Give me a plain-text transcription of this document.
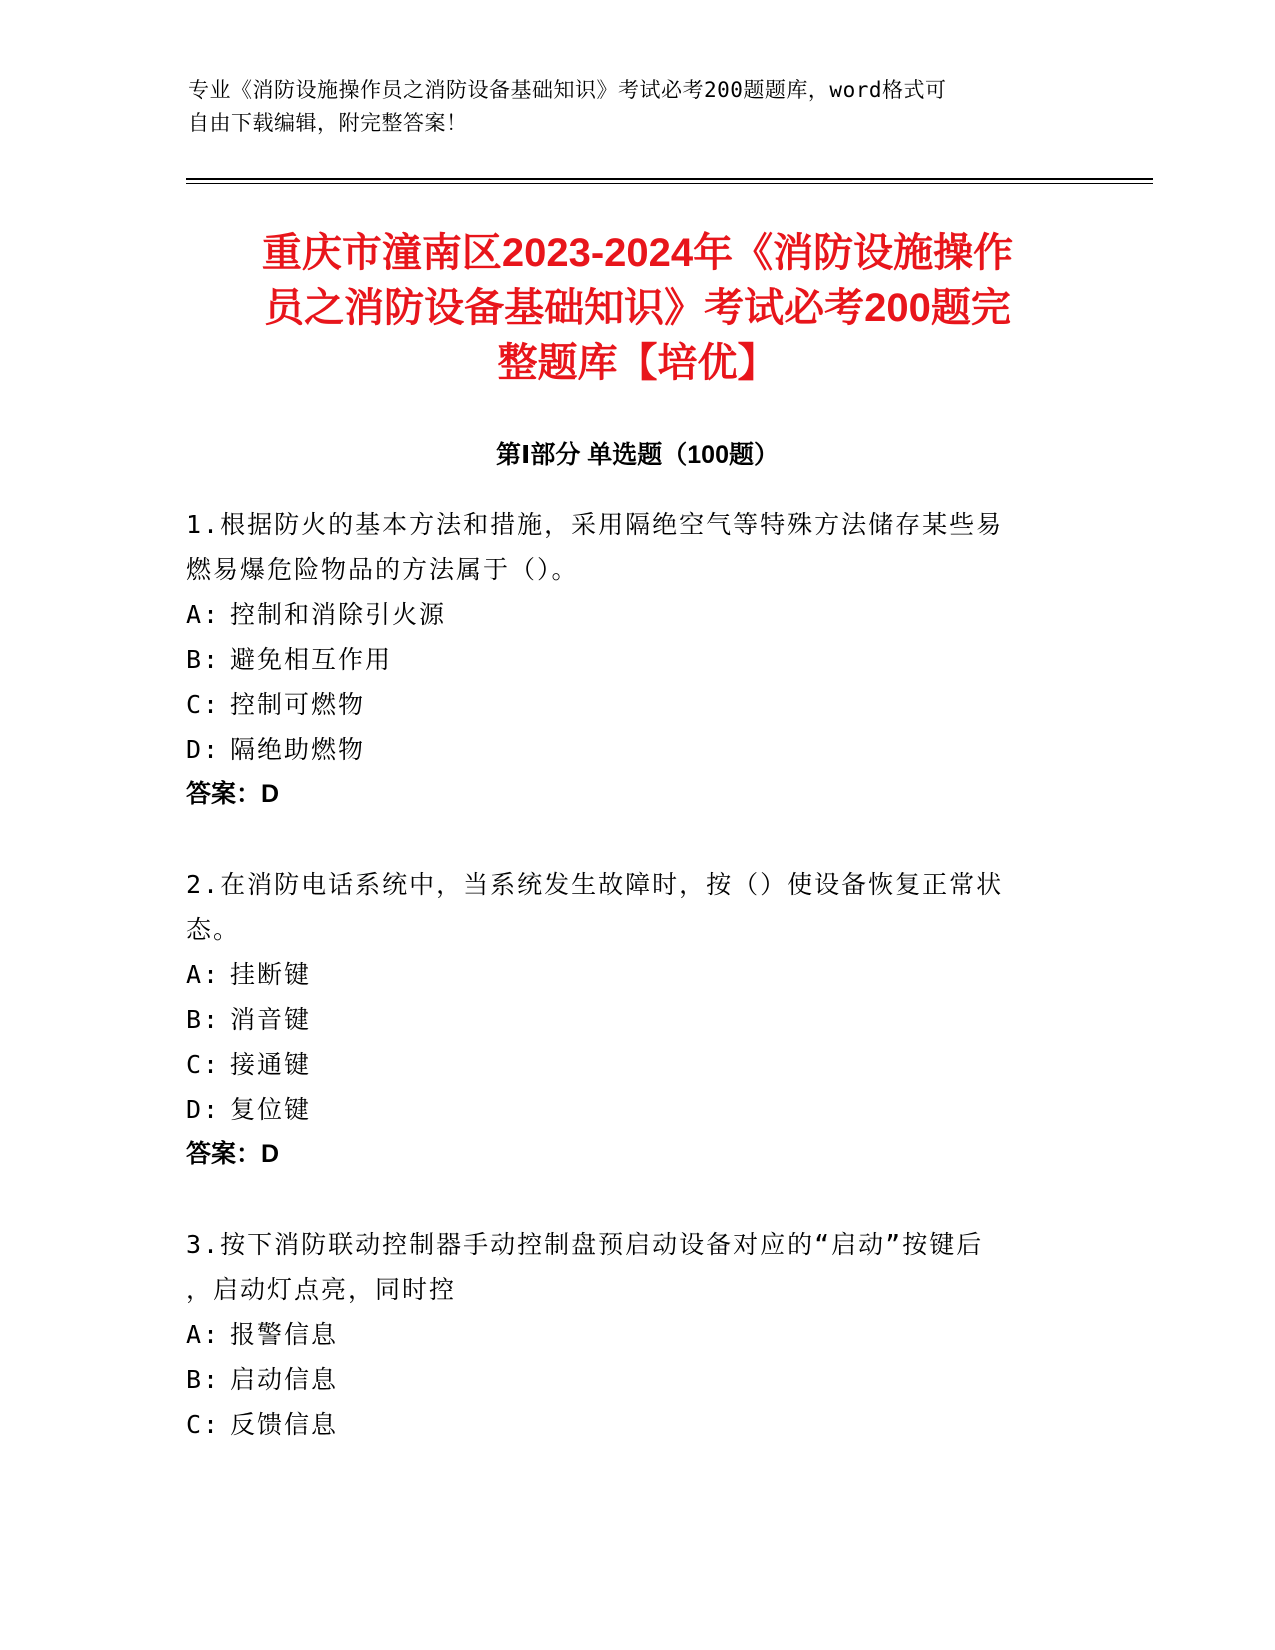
专业《消防设施操作员之消防设备基础知识》考试必考200题题库，word格式可
自由下载编辑，附完整答案！
重庆市潼南区2023-2024年《消防设施操作
员之消防设备基础知识》考试必考200题完
整题库【培优】
第Ⅰ部分 单选题（100题）
1.根据防火的基本方法和措施，采用隔绝空气等特殊方法储存某些易
燃易爆危险物品的方法属于（）。
A: 控制和消除引火源
B: 避免相互作用
C: 控制可燃物
D: 隔绝助燃物
答案：D
2.在消防电话系统中，当系统发生故障时，按（）使设备恢复正常状
态。
A: 挂断键
B: 消音键
C: 接通键
D: 复位键
答案：D
3.按下消防联动控制器手动控制盘预启动设备对应的“启动”按键后
，启动灯点亮，同时控
A: 报警信息
B: 启动信息
C: 反馈信息
